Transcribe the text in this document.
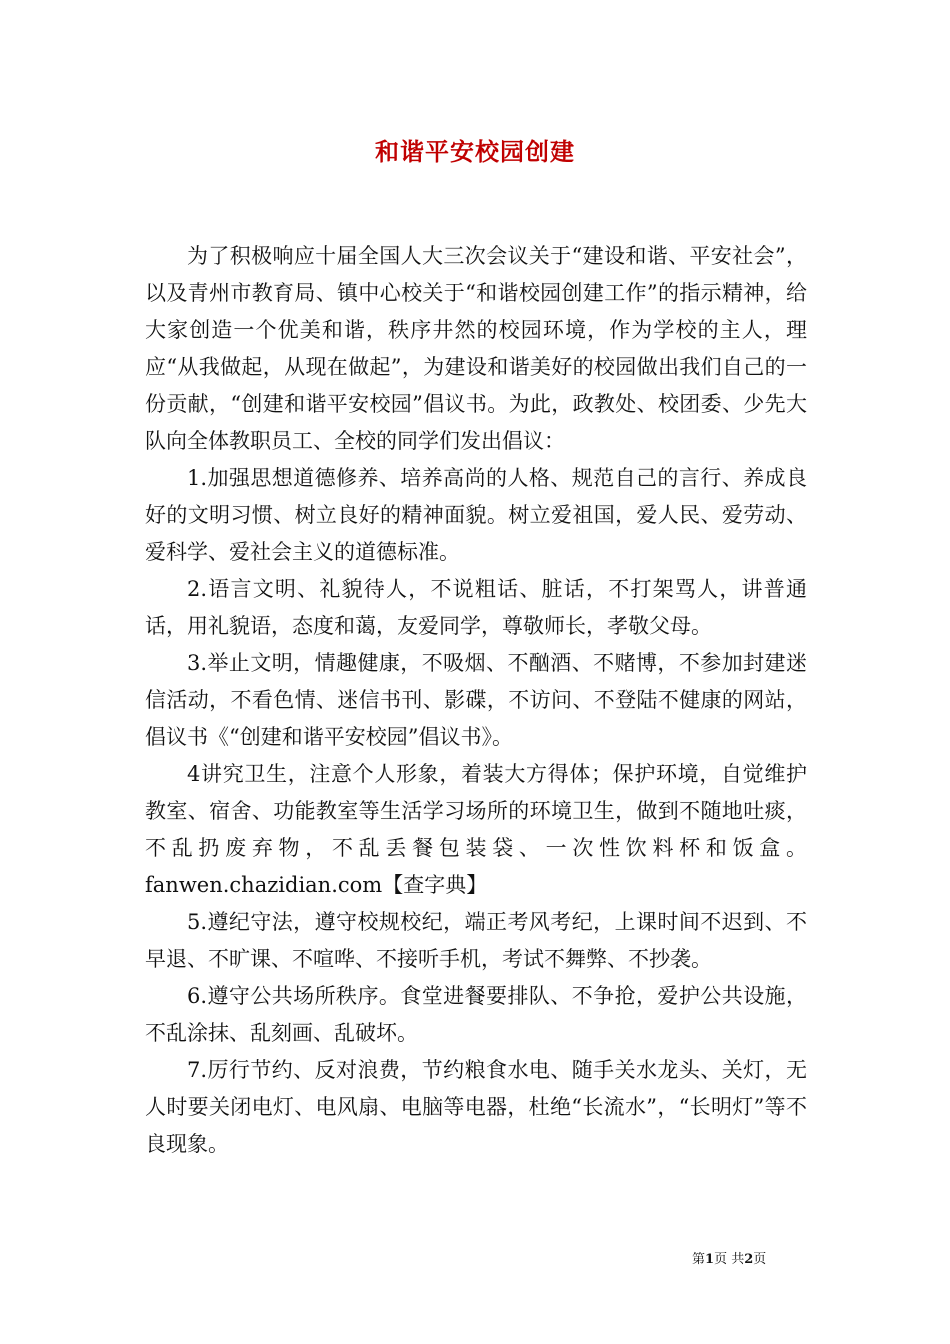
和谐平安校园创建

为了积极响应十届全国人大三次会议关于“建设和谐、平安社会”，以及青州市教育局、镇中心校关于“和谐校园创建工作”的指示精神，给大家创造一个优美和谐，秩序井然的校园环境，作为学校的主人，理应“从我做起，从现在做起”，为建设和谐美好的校园做出我们自己的一份贡献，“创建和谐平安校园”倡议书。为此，政教处、校团委、少先大队向全体教职员工、全校的同学们发出倡议：

1.加强思想道德修养、培养高尚的人格、规范自己的言行、养成良好的文明习惯、树立良好的精神面貌。树立爱祖国，爱人民、爱劳动、爱科学、爱社会主义的道德标准。

2.语言文明、礼貌待人，不说粗话、脏话，不打架骂人，讲普通话，用礼貌语，态度和蔼，友爱同学，尊敬师长，孝敬父母。

3.举止文明，情趣健康，不吸烟、不酗酒、不赌博，不参加封建迷信活动，不看色情、迷信书刊、影碟，不访问、不登陆不健康的网站，倡议书《“创建和谐平安校园”倡议书》。

4讲究卫生，注意个人形象，着装大方得体；保护环境，自觉维护教室、宿舍、功能教室等生活学习场所的环境卫生，做到不随地吐痰，不乱扔废弃物，不乱丢餐包装袋、一次性饮料杯和饭盒。fanwen.chazidian.com【查字典】

5.遵纪守法，遵守校规校纪，端正考风考纪，上课时间不迟到、不早退、不旷课、不喧哗、不接听手机，考试不舞弊、不抄袭。

6.遵守公共场所秩序。食堂进餐要排队、不争抢，爱护公共设施，不乱涂抹、乱刻画、乱破坏。

7.厉行节约、反对浪费，节约粮食水电、随手关水龙头、关灯，无人时要关闭电灯、电风扇、电脑等电器，杜绝“长流水”，“长明灯”等不良现象。

第1页 共2页
